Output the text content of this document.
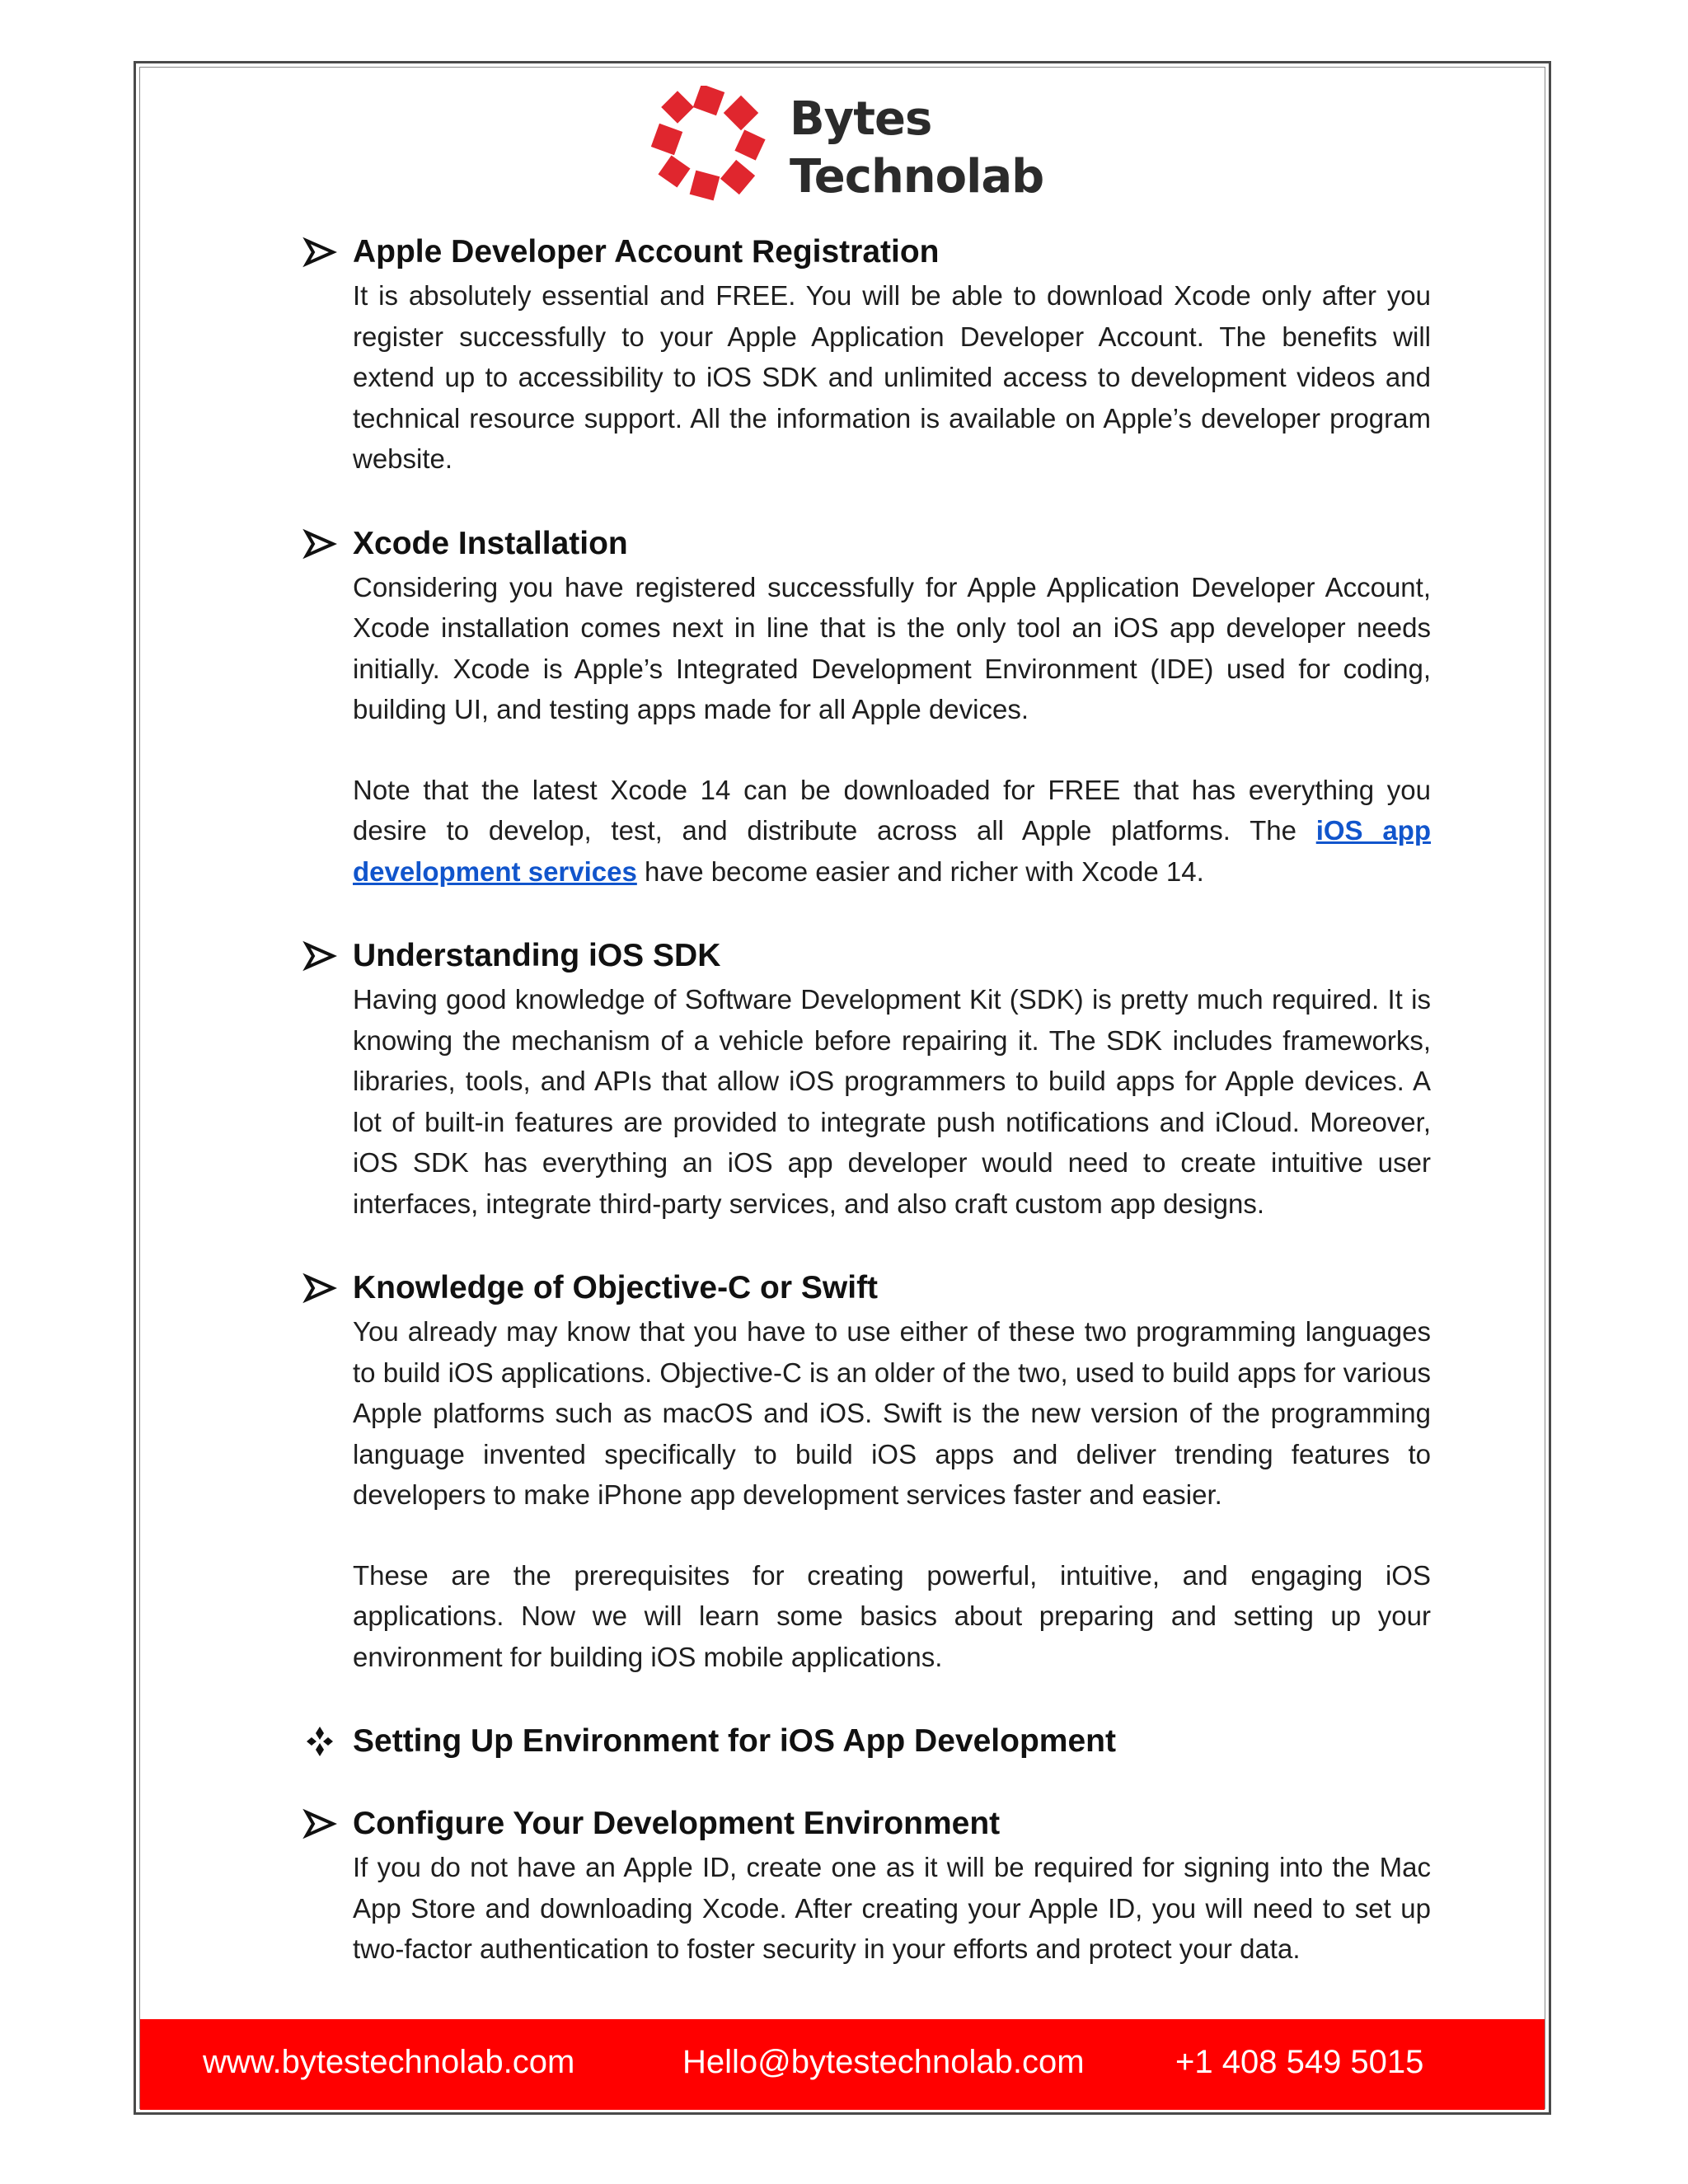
Bytes
Technolab
Apple Developer Account Registration
It is absolutely essential and FREE. You will be able to download Xcode only after you register successfully to your Apple Application Developer Account. The benefits will extend up to accessibility to iOS SDK and unlimited access to development videos and technical resource support. All the information is available on Apple’s developer program website.
Xcode Installation
Considering you have registered successfully for Apple Application Developer Account, Xcode installation comes next in line that is the only tool an iOS app developer needs initially. Xcode is Apple’s Integrated Development Environment (IDE) used for coding, building UI, and testing apps made for all Apple devices.
Note that the latest Xcode 14 can be downloaded for FREE that has everything you desire to develop, test, and distribute across all Apple platforms. The iOS app development services have become easier and richer with Xcode 14.
Understanding iOS SDK
Having good knowledge of Software Development Kit (SDK) is pretty much required. It is knowing the mechanism of a vehicle before repairing it. The SDK includes frameworks, libraries, tools, and APIs that allow iOS programmers to build apps for Apple devices. A lot of built-in features are provided to integrate push notifications and iCloud. Moreover, iOS SDK has everything an iOS app developer would need to create intuitive user interfaces, integrate third-party services, and also craft custom app designs.
Knowledge of Objective-C or Swift
You already may know that you have to use either of these two programming languages to build iOS applications. Objective-C is an older of the two, used to build apps for various Apple platforms such as macOS and iOS. Swift is the new version of the programming language invented specifically to build iOS apps and deliver trending features to developers to make iPhone app development services faster and easier.
These are the prerequisites for creating powerful, intuitive, and engaging iOS applications. Now we will learn some basics about preparing and setting up your environment for building iOS mobile applications.
Setting Up Environment for iOS App Development
Configure Your Development Environment
If you do not have an Apple ID, create one as it will be required for signing into the Mac App Store and downloading Xcode. After creating your Apple ID, you will need to set up two-factor authentication to foster security in your efforts and protect your data.
www.bytestechnolab.com	Hello@bytestechnolab.com	+1 408 549 5015
